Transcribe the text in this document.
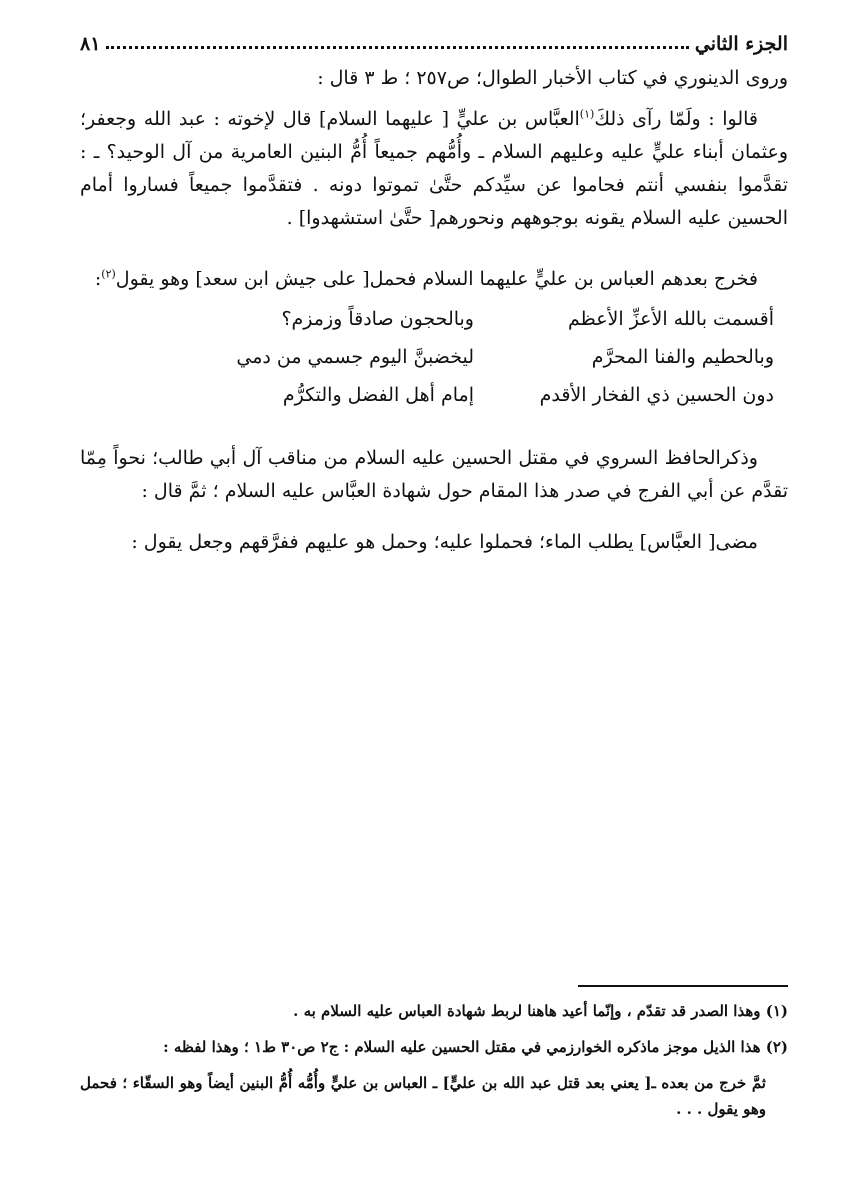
الجزء الثاني
٨١

وروى الدينوري في كتاب الأخبار الطوال؛ ص٢٥٧ ؛ ط ٣ قال :

قالوا : ولَمّا رآى ذلكَ$^{(١)}$العبَّاس بن عليٍّ [ عليهما السلام] قال لإخوته : عبد الله وجعفر؛ وعثمان أبناء عليٍّ عليه وعليهم السلام ـ وأُمُّهم جميعاً أُمُّ البنين العامرية من آل الوحيد؟ ـ : تقدَّموا بنفسي أنتم فحاموا عن سيِّدكم حتَّىٰ تموتوا دونه . فتقدَّموا جميعاً فساروا أمام الحسين عليه السلام يقونه بوجوههم ونحورهم[ حتَّىٰ استشهدوا] .

فخرج بعدهم العباس بن عليٍّ عليهما السلام فحمل[ على جيش ابن سعد] وهو يقول$^{(٢)}$:

أقسمت بالله الأعزِّ الأعظم
وبالحجون صادقاً وزمزم؟
وبالحطيم والفنا المحرَّم
ليخضبنَّ اليوم جسمي من دمي
دون الحسين ذي الفخار الأقدم
إمام أهل الفضل والتكرُّم

وذكرالحافظ السروي في مقتل الحسين عليه السلام من مناقب آل أبي طالب؛ نحواً مِمّا تقدَّم عن أبي الفرج في صدر هذا المقام حول شهادة العبَّاس عليه السلام ؛ ثمَّ قال :

مضى[ العبَّاس] يطلب الماء؛ فحملوا عليه؛ وحمل هو عليهم ففرَّقهم وجعل يقول :

(١) وهذا الصدر قد تقدّم ، وإنّما أعيد هاهنا لربط شهادة العباس عليه السلام به .

(٢) هذا الذيل موجز ماذكره الخوارزمي في مقتل الحسين عليه السلام : ج٢ ص٣٠ ط١ ؛ وهذا لفظه :

ثمَّ خرج من بعده ـ[ يعني بعد قتل عبد الله بن عليٍّ] ـ العباس بن عليٍّ وأُمُّه أُمُّ البنين أيضاً وهو السقّاء ؛ فحمل وهو يقول . . .
